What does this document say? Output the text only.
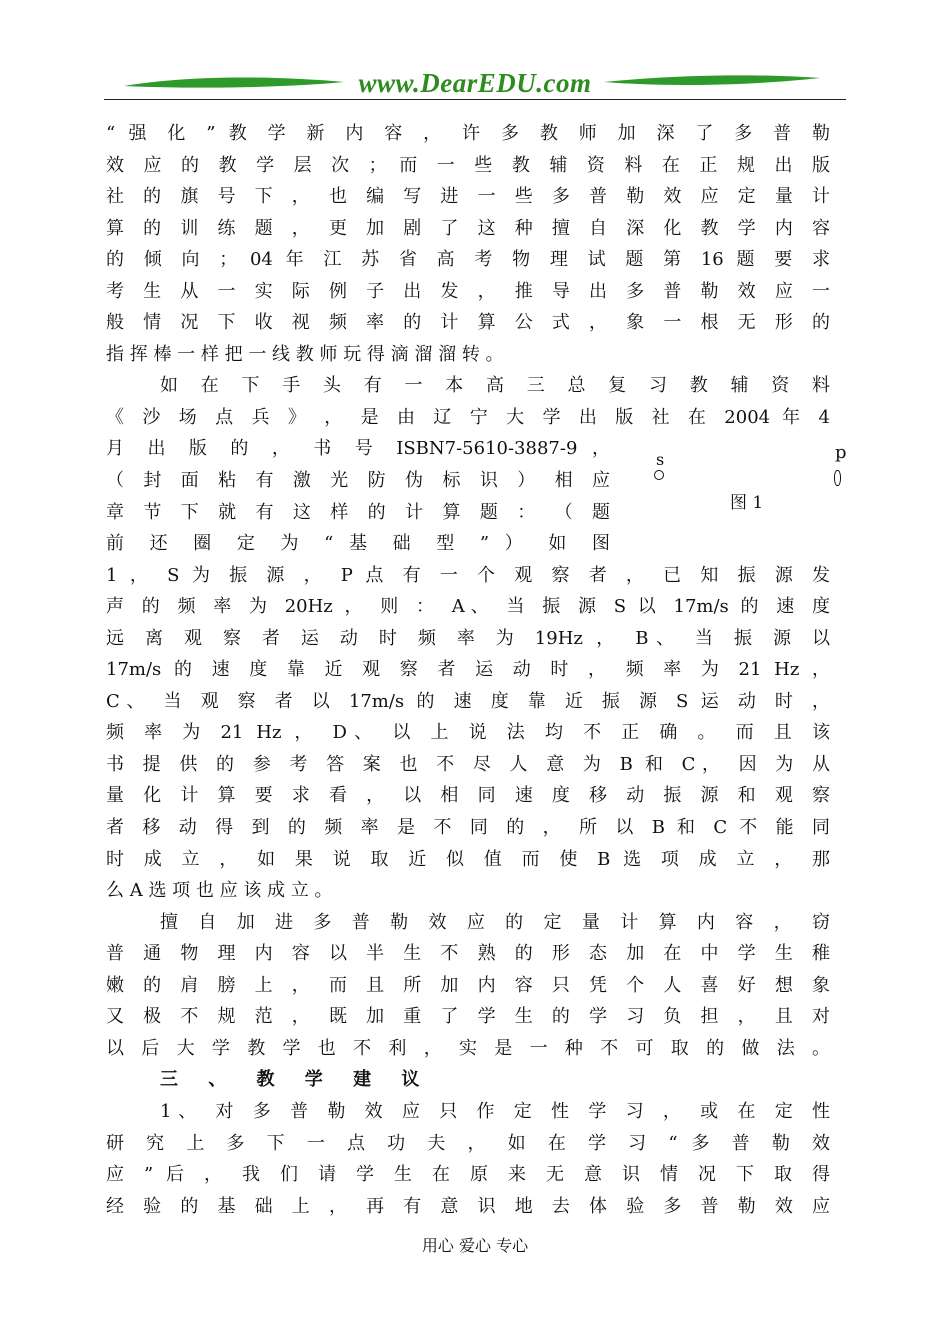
www.DearEDU.com
“ 强 化 ” 教 学 新 内 容 ， 许 多 教 师 加 深 了 多 普 勒
效 应 的 教 学 层 次 ； 而 一 些 教 辅 资 料 在 正 规 出 版
社 的 旗 号 下 ， 也 编 写 进 一 些 多 普 勒 效 应 定 量 计
算 的 训 练 题 ， 更 加 剧 了 这 种 擅 自 深 化 教 学 内 容
的 倾 向 ； 04 年 江 苏 省 高 考 物 理 试 题 第 16 题 要 求
考 生 从 一 实 际 例 子 出 发 ， 推 导 出 多 普 勒 效 应 一
般 情 况 下 收 视 频 率 的 计 算 公 式 ， 象 一 根 无 形 的
指 挥 棒 一 样 把 一 线 教 师 玩 得 滴 溜 溜 转 。
如 在 下 手 头 有 一 本 高 三 总 复 习 教 辅 资 料
《 沙 场 点 兵 》 ， 是 由 辽 宁 大 学 出 版 社 在 2004 年 4
月 出 版 的 ， 书 号 ISBN7-5610-3887-9 ，
（ 封 面 粘 有 激 光 防 伪 标 识 ） 相 应
章 节 下 就 有 这 样 的 计 算 题 ： （ 题
前 还 圈 定 为 “ 基 础 型 ” ） 如 图
1 ， S 为 振 源 ， P 点 有 一 个 观 察 者 ， 已 知 振 源 发
声 的 频 率 为 20Hz ， 则 ： A、 当 振 源 S 以 17m/s 的 速 度
远 离 观 察 者 运 动 时 频 率 为 19Hz ， B、 当 振 源 以
17m/s 的 速 度 靠 近 观 察 者 运 动 时 ， 频 率 为 21 Hz ，
C、 当 观 察 者 以 17m/s 的 速 度 靠 近 振 源 S 运 动 时 ，
频 率 为 21 Hz ， D、 以 上 说 法 均 不 正 确 。 而 且 该
书 提 供 的 参 考 答 案 也 不 尽 人 意 为 B 和 C， 因 为 从
量 化 计 算 要 求 看 ， 以 相 同 速 度 移 动 振 源 和 观 察
者 移 动 得 到 的 频 率 是 不 同 的 ， 所 以 B 和 C 不 能 同
时 成 立 ， 如 果 说 取 近 似 值 而 使 B 选 项 成 立 ， 那
么 A 选 项 也 应 该 成 立 。
擅 自 加 进 多 普 勒 效 应 的 定 量 计 算 内 容 ， 窃
普 通 物 理 内 容 以 半 生 不 熟 的 形 态 加 在 中 学 生 稚
嫩 的 肩 膀 上 ， 而 且 所 加 内 容 只 凭 个 人 喜 好 想 象
又 极 不 规 范 ， 既 加 重 了 学 生 的 学 习 负 担 ， 且 对
以 后 大 学 教 学 也 不 利 ， 实 是 一 种 不 可 取 的 做 法 。
三 、 教 学 建 议
1、 对 多 普 勒 效 应 只 作 定 性 学 习 ， 或 在 定 性
研 究 上 多 下 一 点 功 夫 ， 如 在 学 习 “ 多 普 勒 效
应 ” 后 ， 我 们 请 学 生 在 原 来 无 意 识 情 况 下 取 得
经 验 的 基 础 上 ， 再 有 意 识 地 去 体 验 多 普 勒 效 应
s	p
图 1
用心 爱心 专心
